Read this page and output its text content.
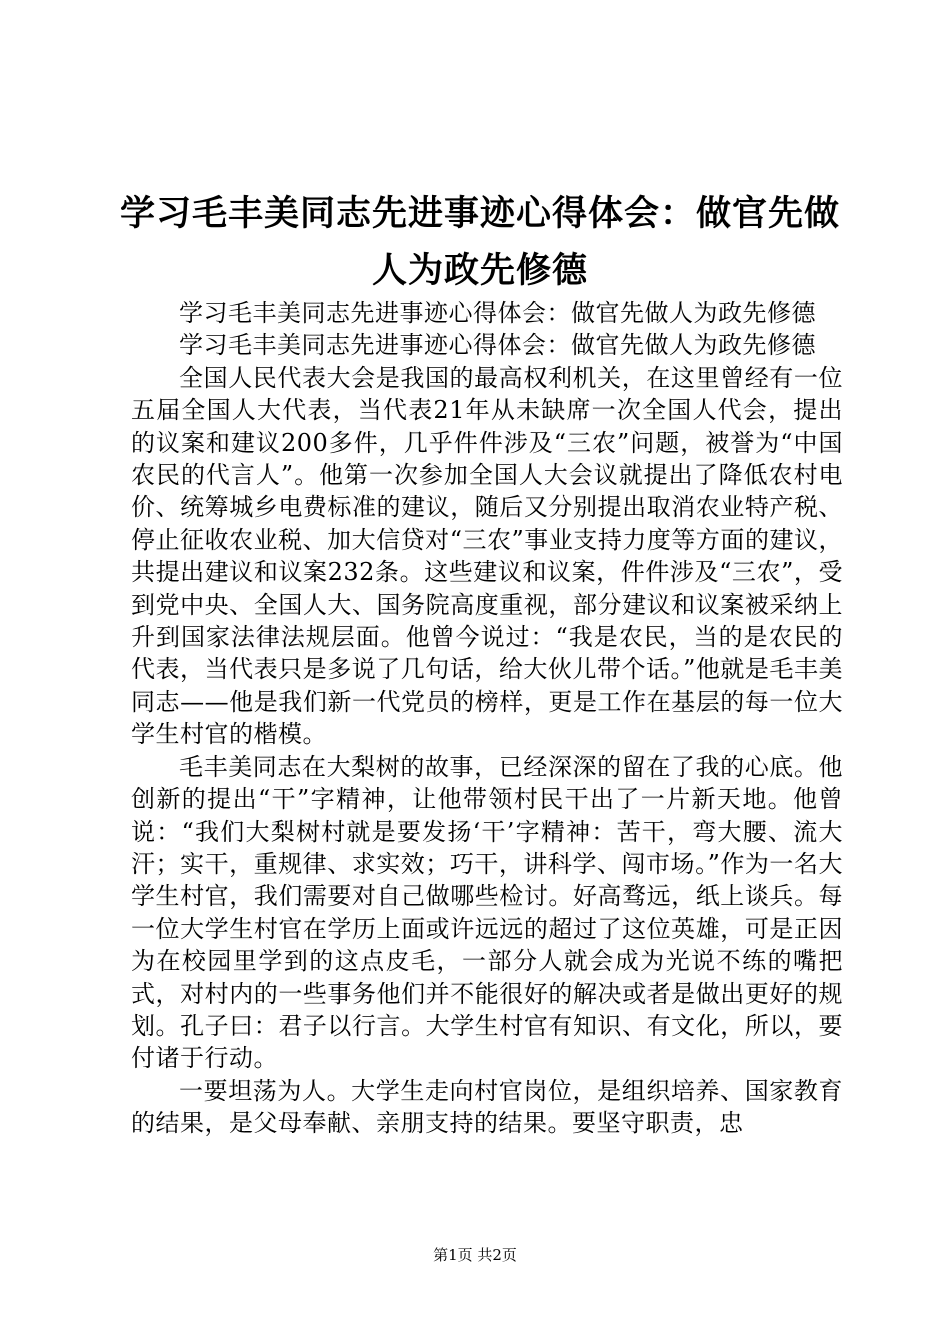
学习毛丰美同志先进事迹心得体会：做官先做
人为政先修德

学习毛丰美同志先进事迹心得体会：做官先做人为政先修德

学习毛丰美同志先进事迹心得体会：做官先做人为政先修德

全国人民代表大会是我国的最高权利机关，在这里曾经有一位五届全国人大代表，当代表21年从未缺席一次全国人代会，提出的议案和建议200多件，几乎件件涉及“三农”问题，被誉为“中国农民的代言人”。他第一次参加全国人大会议就提出了降低农村电价、统筹城乡电费标准的建议，随后又分别提出取消农业特产税、停止征收农业税、加大信贷对“三农”事业支持力度等方面的建议，共提出建议和议案232条。这些建议和议案，件件涉及“三农”，受到党中央、全国人大、国务院高度重视，部分建议和议案被采纳上升到国家法律法规层面。他曾今说过：“我是农民，当的是农民的代表，当代表只是多说了几句话，给大伙儿带个话。”他就是毛丰美同志——他是我们新一代党员的榜样，更是工作在基层的每一位大学生村官的楷模。

毛丰美同志在大梨树的故事，已经深深的留在了我的心底。他创新的提出“干”字精神，让他带领村民干出了一片新天地。他曾说：“我们大梨树村就是要发扬‘干’字精神：苦干，弯大腰、流大汗；实干，重规律、求实效；巧干，讲科学、闯市场。”作为一名大学生村官，我们需要对自己做哪些检讨。好高骛远，纸上谈兵。每一位大学生村官在学历上面或许远远的超过了这位英雄，可是正因为在校园里学到的这点皮毛，一部分人就会成为光说不练的嘴把式，对村内的一些事务他们并不能很好的解决或者是做出更好的规划。孔子曰：君子以行言。大学生村官有知识、有文化，所以，要付诸于行动。

一要坦荡为人。大学生走向村官岗位，是组织培养、国家教育的结果，是父母奉献、亲朋支持的结果。要坚守职责，忠

第1页 共2页
